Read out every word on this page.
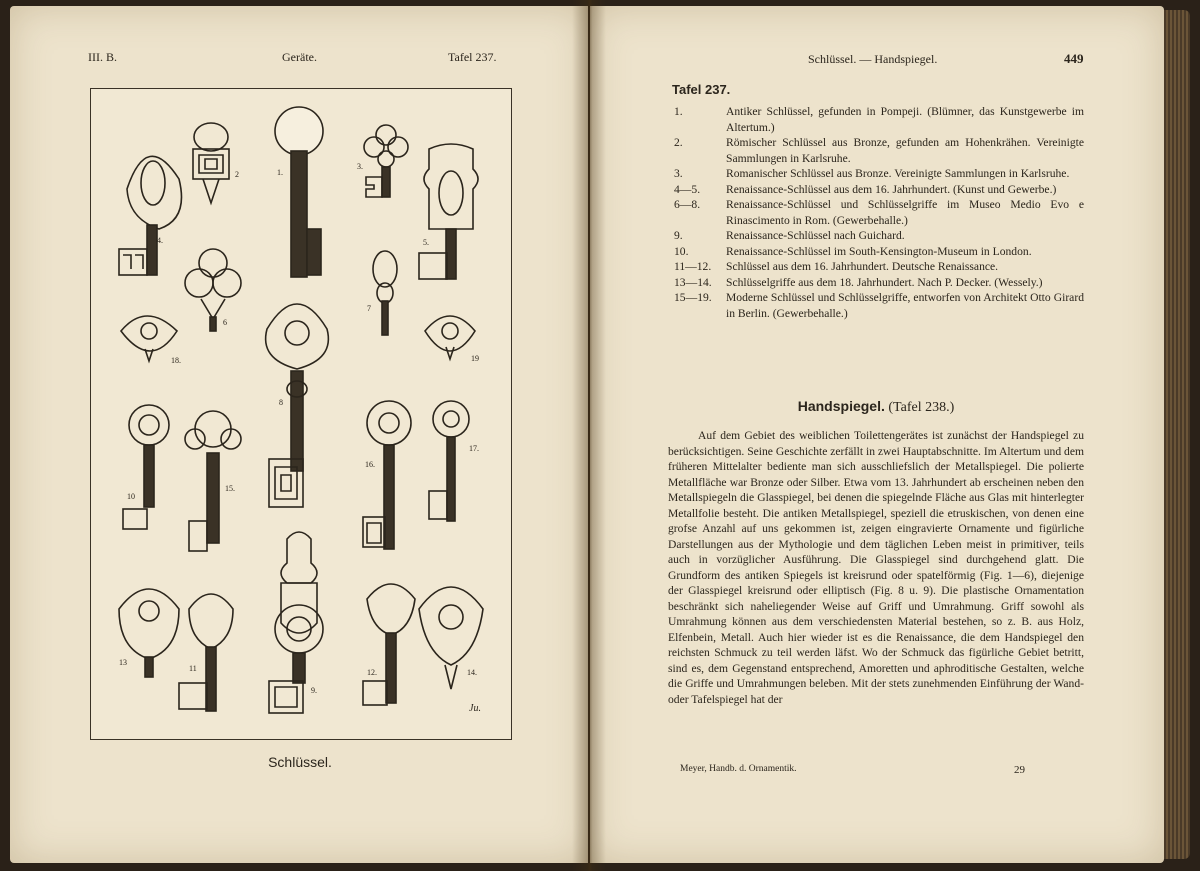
III. B.	Geräte.	Tafel 237.
1.
2
3.
4.	5.
6
7
8
18.	19
10
15.
16.
17.
13
11
9.
12.	14.
Ju.
Schlüssel.
Schlüssel. — Handspiegel.	449
Tafel 237.
1.	Antiker Schlüssel, gefunden in Pompeji. (Blümner, das Kunstgewerbe im Altertum.)
2.	Römischer Schlüssel aus Bronze, gefunden am Hohenkrähen. Vereinigte Sammlungen in Karlsruhe.
3.	Romanischer Schlüssel aus Bronze. Vereinigte Sammlungen in Karlsruhe.
4—5.	Renaissance-Schlüssel aus dem 16. Jahrhundert. (Kunst und Gewerbe.)
6—8.	Renaissance-Schlüssel und Schlüsselgriffe im Museo Medio Evo e Rinascimento in Rom. (Gewerbehalle.)
9.	Renaissance-Schlüssel nach Guichard.
10.	Renaissance-Schlüssel im South-Kensington-Museum in London.
11—12.	Schlüssel aus dem 16. Jahrhundert. Deutsche Renaissance.
13—14.	Schlüsselgriffe aus dem 18. Jahrhundert. Nach P. Decker. (Wessely.)
15—19.	Moderne Schlüssel und Schlüsselgriffe, entworfen von Architekt Otto Girard in Berlin. (Gewerbehalle.)
Handspiegel. (Tafel 238.)

Auf dem Gebiet des weiblichen Toilettengerätes ist zunächst der Handspiegel zu berücksichtigen. Seine Geschichte zerfällt in zwei Hauptabschnitte. Im Altertum und dem früheren Mittelalter bediente man sich ausschliefslich der Metallspiegel. Die polierte Metallfläche war Bronze oder Silber. Etwa vom 13. Jahrhundert ab erscheinen neben den Metallspiegeln die Glasspiegel, bei denen die spiegelnde Fläche aus Glas mit hinterlegter Metallfolie besteht. Die antiken Metallspiegel, speziell die etruskischen, von denen eine grofse Anzahl auf uns gekommen ist, zeigen eingravierte Ornamente und figürliche Darstellungen aus der Mythologie und dem täglichen Leben meist in primitiver, teils auch in vorzüglicher Ausführung. Die Glasspiegel sind durchgehend glatt. Die Grundform des antiken Spiegels ist kreisrund oder spatelförmig (Fig. 1—6), diejenige der Glasspiegel kreisrund oder elliptisch (Fig. 8 u. 9). Die plastische Ornamentation beschränkt sich naheliegender Weise auf Griff und Umrahmung. Griff sowohl als Umrahmung können aus dem verschiedensten Material bestehen, so z. B. aus Holz, Elfenbein, Metall. Auch hier wieder ist es die Renaissance, die dem Handspiegel den reichsten Schmuck zu teil werden läfst. Wo der Schmuck das figürliche Gebiet betritt, sind es, dem Gegenstand entsprechend, Amoretten und aphroditische Gestalten, welche die Griffe und Umrahmungen beleben. Mit der stets zunehmenden Einführung der Wand- oder Tafelspiegel hat der

Meyer, Handb. d. Ornamentik.	29
